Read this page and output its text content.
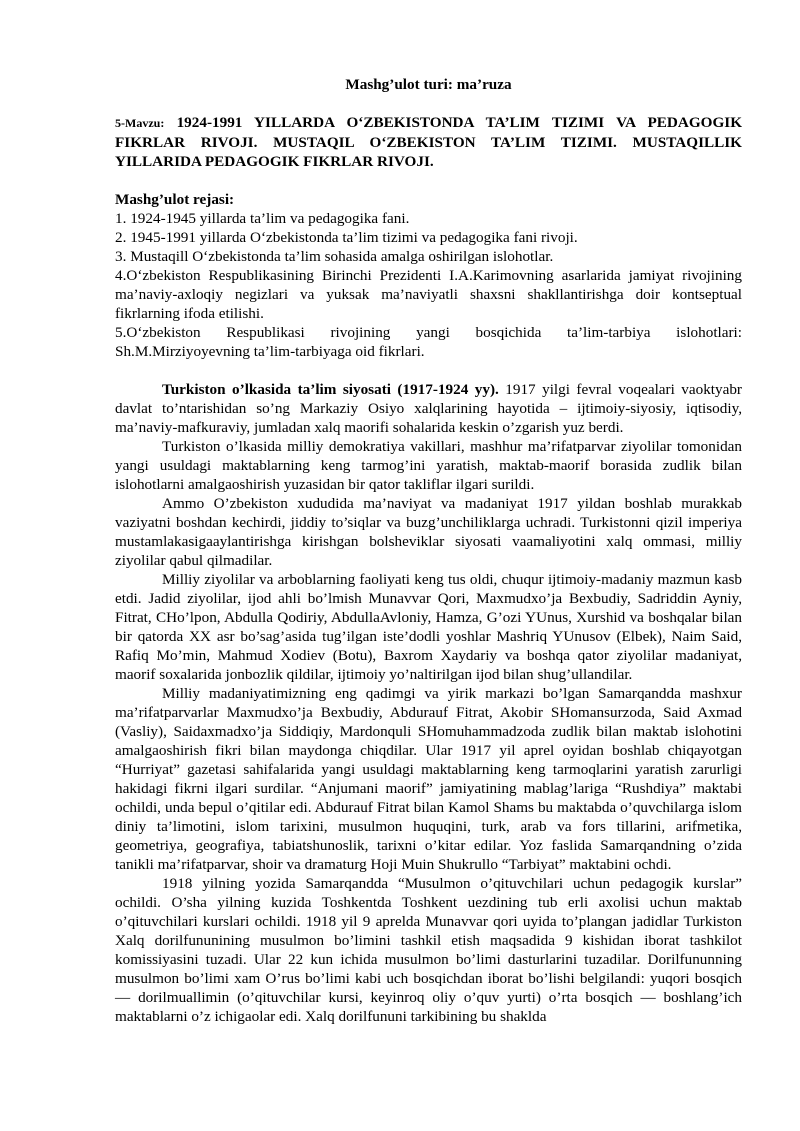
Mashg’ulot turi: ma’ruza

5-Mavzu: 1924-1991 YILLARDA O‘ZBEKISTONDA TA’LIM TIZIMI VA PEDAGOGIK FIKRLAR RIVOJI. MUSTAQIL O‘ZBEKISTON TA’LIM TIZIMI. MUSTAQILLIK YILLARIDA PEDAGOGIK FIKRLAR RIVOJI.

Mashg’ulot rejasi:

1. 1924-1945 yillarda ta’lim va pedagogika fani.

2. 1945-1991 yillarda O‘zbekistonda ta’lim tizimi va pedagogika fani rivoji.

3. Mustaqill O‘zbekistonda ta’lim sohasida amalga oshirilgan islohotlar.

4.O‘zbekiston Respublikasining Birinchi Prezidenti I.A.Karimovning asarlarida jamiyat rivojining ma’naviy-axloqiy negizlari va yuksak ma’naviyatli shaxsni shakllantirishga doir kontseptual fikrlarning ifoda etilishi.

5.O‘zbekiston Respublikasi rivojining yangi bosqichida ta’lim-tarbiya islohotlari: Sh.M.Mirziyoyevning ta’lim-tarbiyaga oid fikrlari.

Turkiston o’lkasida ta’lim siyosati (1917-1924 yy). 1917 yilgi fevral voqealari vaoktyabr davlat to’ntarishidan so’ng Markaziy Osiyo xalqlarining hayotida – ijtimoiy-siyosiy, iqtisodiy, ma’naviy-mafkuraviy, jumladan xalq maorifi sohalarida keskin o’zgarish yuz berdi.

Turkiston o’lkasida milliy demokratiya vakillari, mashhur ma’rifatparvar ziyolilar tomonidan yangi usuldagi maktablarning keng tarmog’ini yaratish, maktab-maorif borasida zudlik bilan islohotlarni amalgaoshirish yuzasidan bir qator takliflar ilgari surildi.

Ammo O’zbekiston xududida ma’naviyat va madaniyat 1917 yildan boshlab murakkab vaziyatni boshdan kechirdi, jiddiy to’siqlar va buzg’unchiliklarga uchradi. Turkistonni qizil imperiya mustamlakasigaaylantirishga kirishgan bolsheviklar siyosati vaamaliyotini xalq ommasi, milliy ziyolilar qabul qilmadilar.

Milliy ziyolilar va arboblarning faoliyati keng tus oldi, chuqur ijtimoiy-madaniy mazmun kasb etdi. Jadid ziyolilar, ijod ahli bo’lmish Munavvar Qori, Maxmudxo’ja Bexbudiy, Sadriddin Ayniy, Fitrat, CHo’lpon, Abdulla Qodiriy, AbdullaAvloniy, Hamza, G’ozi YUnus, Xurshid va boshqalar bilan bir qatorda XX asr bo’sag’asida tug’ilgan iste’dodli yoshlar Mashriq YUnusov (Elbek), Naim Said, Rafiq Mo’min, Mahmud Xodiev (Botu), Baxrom Xaydariy va boshqa qator ziyolilar madaniyat, maorif soxalarida jonbozlik qildilar, ijtimoiy yo’naltirilgan ijod bilan shug’ullandilar.

Milliy madaniyatimizning eng qadimgi va yirik markazi bo’lgan Samarqandda mashxur ma’rifatparvarlar Maxmudxo’ja Bexbudiy, Abdurauf Fitrat, Akobir SHomansurzoda, Said Axmad (Vasliy), Saidaxmadxo’ja Siddiqiy, Mardonquli SHomuhammadzoda zudlik bilan maktab islohotini amalgaoshirish fikri bilan maydonga chiqdilar. Ular 1917 yil aprel oyidan boshlab chiqayotgan “Hurriyat” gazetasi sahifalarida yangi usuldagi maktablarning keng tarmoqlarini yaratish zarurligi hakidagi fikrni ilgari surdilar. “Anjumani maorif” jamiyatining mablag’lariga “Rushdiya” maktabi ochildi, unda bepul o’qitilar edi. Abdurauf Fitrat bilan Kamol Shams bu maktabda o’quvchilarga islom diniy ta’limotini, islom tarixini, musulmon huquqini, turk, arab va fors tillarini, arifmetika, geometriya, geografiya, tabiatshunoslik, tarixni o’kitar edilar. Yoz faslida Samarqandning o’zida tanikli ma’rifatparvar, shoir va dramaturg Hoji Muin Shukrullo “Tarbiyat” maktabini ochdi.

1918 yilning yozida Samarqandda “Musulmon o’qituvchilari uchun pedagogik kurslar” ochildi. O’sha yilning kuzida Toshkentda Toshkent uezdining tub erli axolisi uchun maktab o’qituvchilari kurslari ochildi. 1918 yil 9 aprelda Munavvar qori uyida to’plangan jadidlar Turkiston Xalq dorilfununining musulmon bo’limini tashkil etish maqsadida 9 kishidan iborat tashkilot komissiyasini tuzadi. Ular 22 kun ichida musulmon bo’limi dasturlarini tuzadilar. Dorilfununning musulmon bo’limi xam O’rus bo’limi kabi uch bosqichdan iborat bo’lishi belgilandi: yuqori bosqich — dorilmuallimin (o’qituvchilar kursi, keyinroq oliy o’quv yurti) o’rta bosqich — boshlang’ich maktablarni o’z ichigaolar edi. Xalq dorilfununi tarkibining bu shaklda
